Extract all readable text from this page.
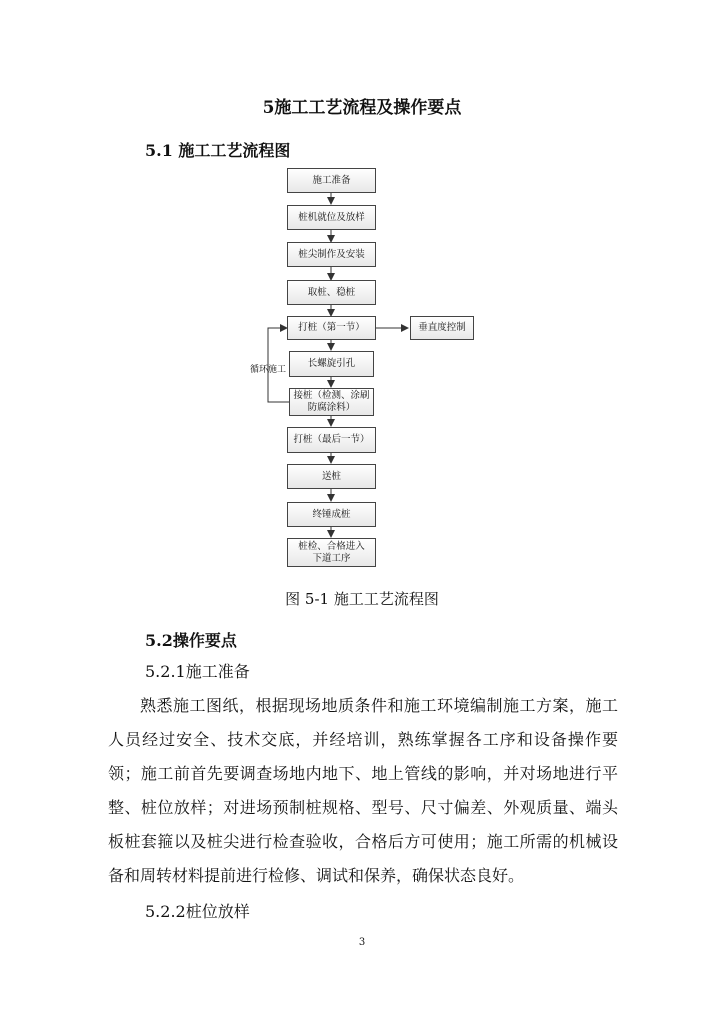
5施工工艺流程及操作要点
5.1 施工工艺流程图
施工准备
桩机就位及放样
桩尖制作及安装
取桩、稳桩
打桩（第一节）
长螺旋引孔
接桩（检测、涂刷防腐涂料）
打桩（最后一节）
送桩
终锤成桩
桩检、合格进入下道工序
垂直度控制
循环施工
图 5-1 施工工艺流程图
5.2操作要点
5.2.1施工准备

熟悉施工图纸，根据现场地质条件和施工环境编制施工方案，施工人员经过安全、技术交底，并经培训，熟练掌握各工序和设备操作要领；施工前首先要调查场地内地下、地上管线的影响，并对场地进行平整、桩位放样；对进场预制桩规格、型号、尺寸偏差、外观质量、端头板桩套箍以及桩尖进行检查验收，合格后方可使用；施工所需的机械设备和周转材料提前进行检修、调试和保养，确保状态良好。

5.2.2桩位放样
3
